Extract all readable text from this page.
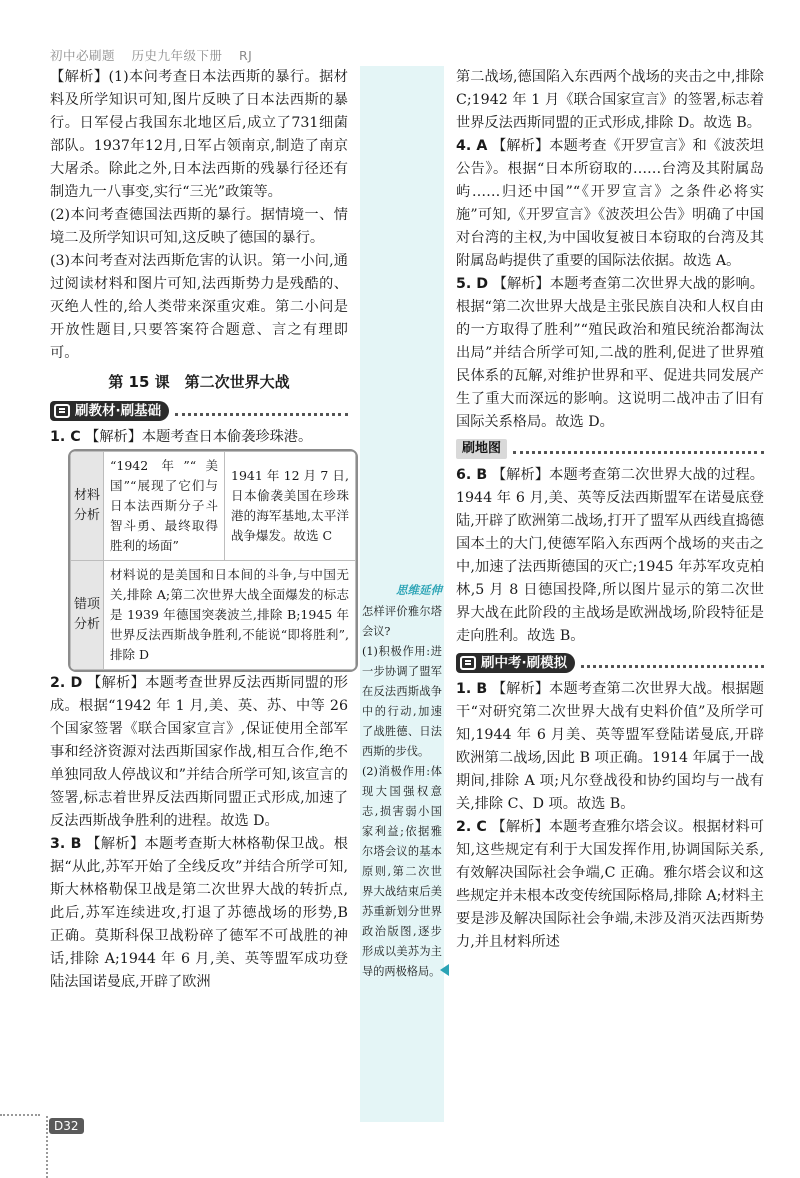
初中必刷题 历史九年级下册 RJ

【解析】(1)本问考查日本法西斯的暴行。据材料及所学知识可知,图片反映了日本法西斯的暴行。日军侵占我国东北地区后,成立了731细菌部队。1937年12月,日军占领南京,制造了南京大屠杀。除此之外,日本法西斯的残暴行径还有制造九一八事变,实行“三光”政策等。

(2)本问考查德国法西斯的暴行。据情境一、情境二及所学知识可知,这反映了德国的暴行。

(3)本问考查对法西斯危害的认识。第一小问,通过阅读材料和图片可知,法西斯势力是残酷的、灭绝人性的,给人类带来深重灾难。第二小问是开放性题目,只要答案符合题意、言之有理即可。

第 15 课　第二次世界大战
刷教材·刷基础

1. C 【解析】本题考查日本偷袭珍珠港。

材料分析	“1942 年”“美国”“展现了它们与日本法西斯分子斗智斗勇、最终取得胜利的场面”	1941 年 12 月 7 日,日本偷袭美国在珍珠港的海军基地,太平洋战争爆发。故选 C
错项分析	材料说的是美国和日本间的斗争,与中国无关,排除 A;第二次世界大战全面爆发的标志是 1939 年德国突袭波兰,排除 B;1945 年世界反法西斯战争胜利,不能说“即将胜利”,排除 D	

2. D 【解析】本题考查世界反法西斯同盟的形成。根据“1942 年 1 月,美、英、苏、中等 26 个国家签署《联合国家宣言》,保证使用全部军事和经济资源对法西斯国家作战,相互合作,绝不单独同敌人停战议和”并结合所学可知,该宣言的签署,标志着世界反法西斯同盟正式形成,加速了反法西斯战争胜利的进程。故选 D。

3. B 【解析】本题考查斯大林格勒保卫战。根据“从此,苏军开始了全线反攻”并结合所学可知,斯大林格勒保卫战是第二次世界大战的转折点,此后,苏军连续进攻,打退了苏德战场的形势,B 正确。莫斯科保卫战粉碎了德军不可战胜的神话,排除 A;1944 年 6 月,美、英等盟军成功登陆法国诺曼底,开辟了欧洲

思维延伸

怎样评价雅尔塔会议?

(1)积极作用:进一步协调了盟军在反法西斯战争中的行动,加速了战胜德、日法西斯的步伐。

(2)消极作用:体现大国强权意志,损害弱小国家利益;依据雅尔塔会议的基本原则,第二次世界大战结束后美苏重新划分世界政治版图,逐步形成以美苏为主导的两极格局。

第二战场,德国陷入东西两个战场的夹击之中,排除 C;1942 年 1 月《联合国家宣言》的签署,标志着世界反法西斯同盟的正式形成,排除 D。故选 B。

4. A 【解析】本题考查《开罗宣言》和《波茨坦公告》。根据“日本所窃取的……台湾及其附属岛屿……归还中国”“《开罗宣言》之条件必将实施”可知,《开罗宣言》《波茨坦公告》明确了中国对台湾的主权,为中国收复被日本窃取的台湾及其附属岛屿提供了重要的国际法依据。故选 A。

5. D 【解析】本题考查第二次世界大战的影响。根据“第二次世界大战是主张民族自决和人权自由的一方取得了胜利”“殖民政治和殖民统治都淘汰出局”并结合所学可知,二战的胜利,促进了世界殖民体系的瓦解,对维护世界和平、促进共同发展产生了重大而深远的影响。这说明二战冲击了旧有国际关系格局。故选 D。

刷地图

6. B 【解析】本题考查第二次世界大战的过程。1944 年 6 月,美、英等反法西斯盟军在诺曼底登陆,开辟了欧洲第二战场,打开了盟军从西线直捣德国本土的大门,使德军陷入东西两个战场的夹击之中,加速了法西斯德国的灭亡;1945 年苏军攻克柏林,5 月 8 日德国投降,所以图片显示的第二次世界大战在此阶段的主战场是欧洲战场,阶段特征是走向胜利。故选 B。

刷中考·刷模拟

1. B 【解析】本题考查第二次世界大战。根据题干“对研究第二次世界大战有史料价值”及所学可知,1944 年 6 月美、英等盟军登陆诺曼底,开辟欧洲第二战场,因此 B 项正确。1914 年属于一战期间,排除 A 项;凡尔登战役和协约国均与一战有关,排除 C、D 项。故选 B。

2. C 【解析】本题考查雅尔塔会议。根据材料可知,这些规定有利于大国发挥作用,协调国际关系,有效解决国际社会争端,C 正确。雅尔塔会议和这些规定并未根本改变传统国际格局,排除 A;材料主要是涉及解决国际社会争端,未涉及消灭法西斯势力,并且材料所述

D32
